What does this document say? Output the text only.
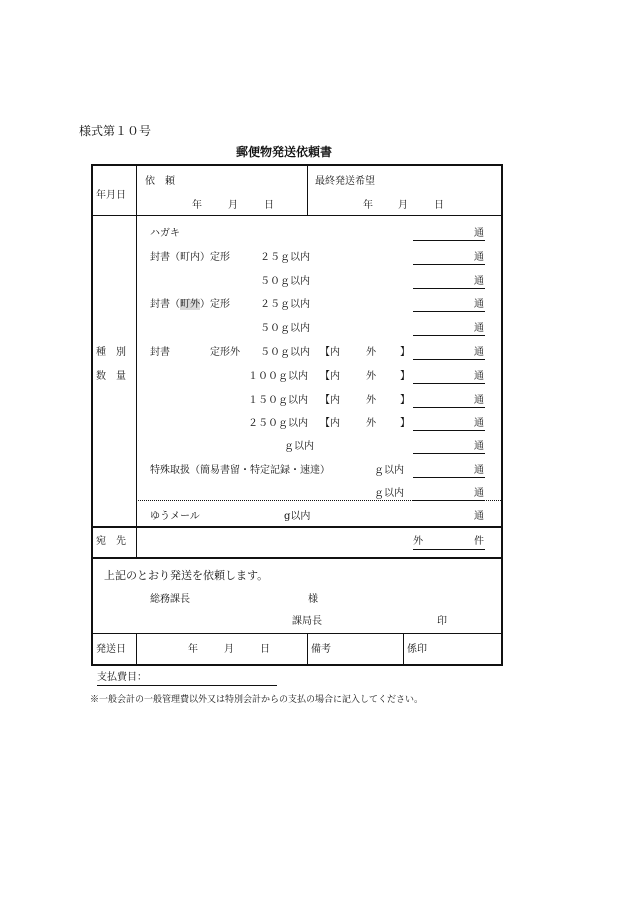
様式第１０号
郵便物発送依頼書
年月日
依　頼
年	月	日
最終発送希望
年	月	日
種　別
数　量
ハガキ	通
封書（町内）定形	２５ｇ以内	通
５０ｇ以内	通
封書（町外）定形	２５ｇ以内	通
５０ｇ以内	通
封書	定形外 ５０ｇ以内 【内	外 】	通
１００ｇ以内 【内	外 】	通
１５０ｇ以内 【内	外 】	通
２５０ｇ以内 【内	外 】	通
ｇ以内	通
特殊取扱（簡易書留・特定記録・速達）	ｇ以内	通
ｇ以内	通
ゆうメール	g以内	通
宛　先	外	件
上記のとおり発送を依頼します。
総務課長	様
課局長	印
発送日	年	月	日	備考	係印
支払費目：
※一般会計の一般管理費以外又は特別会計からの支払の場合に記入してください。
